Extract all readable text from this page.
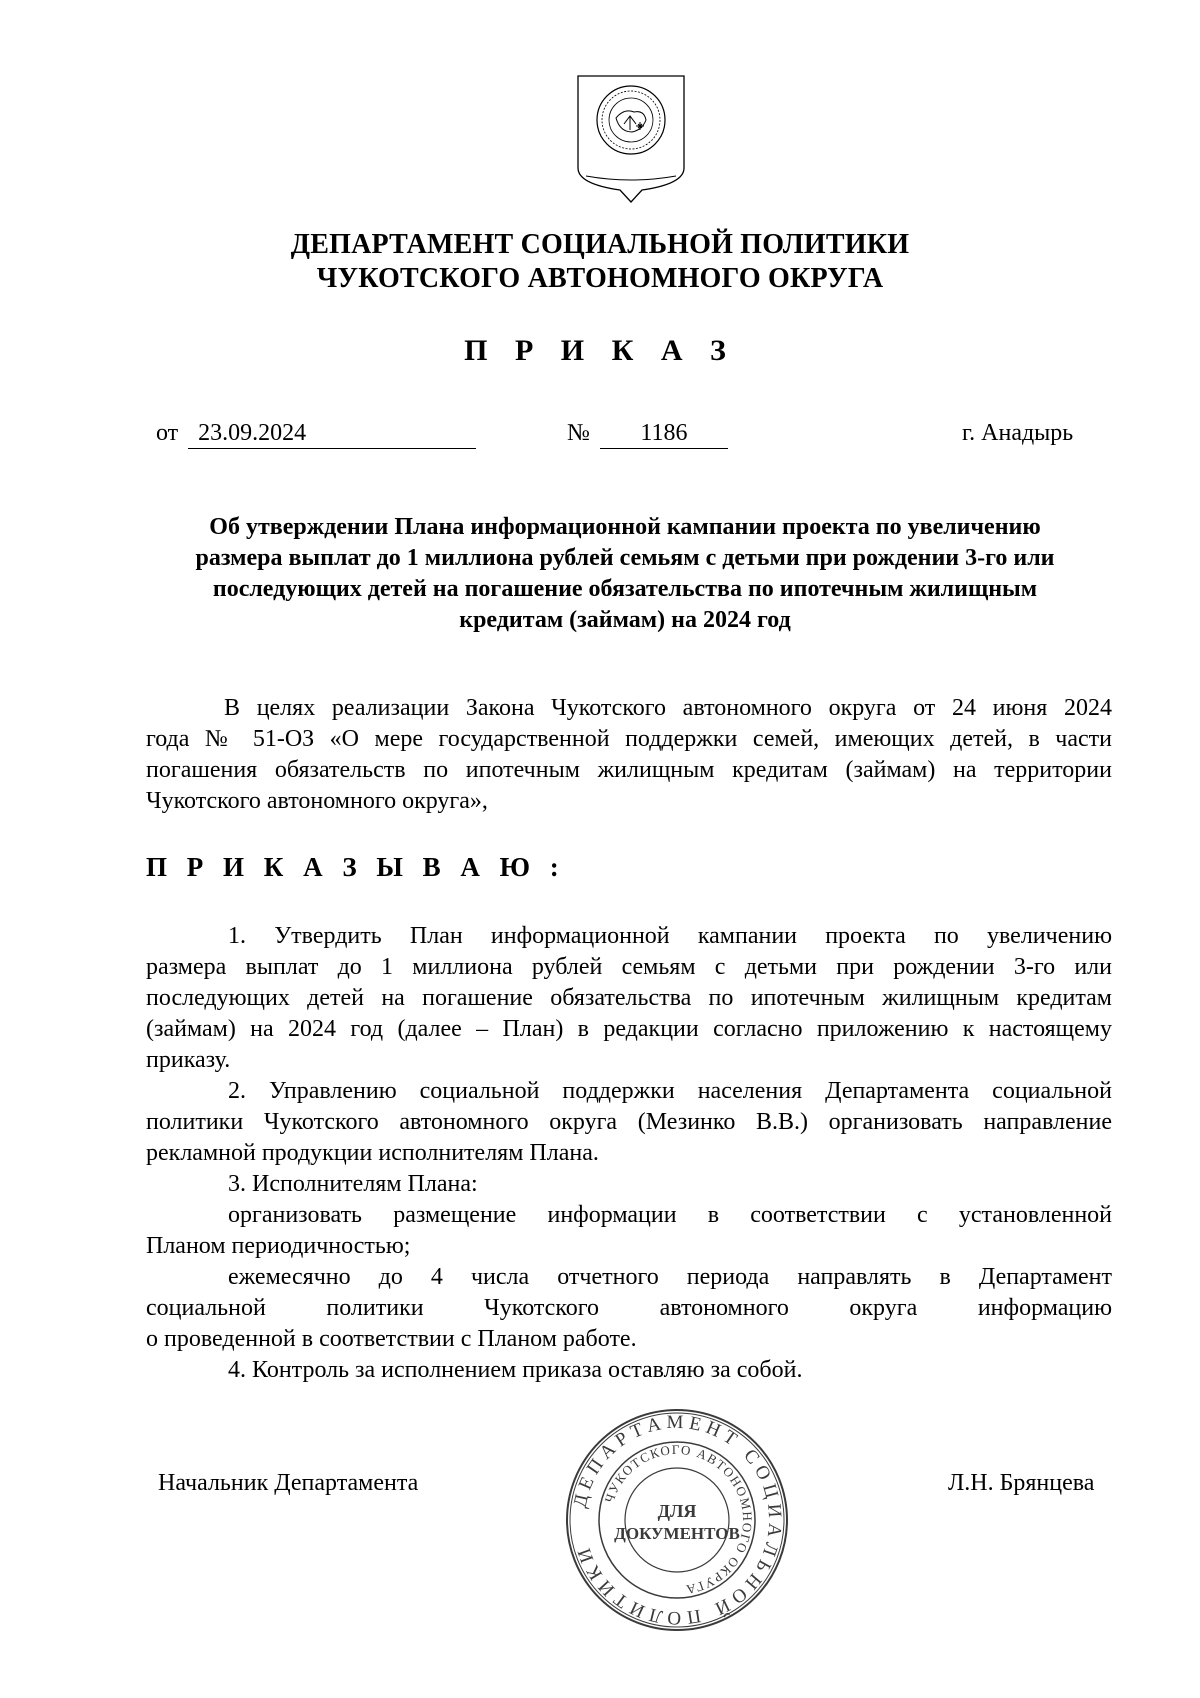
ДЕПАРТАМЕНТ СОЦИАЛЬНОЙ ПОЛИТИКИ
ЧУКОТСКОГО АВТОНОМНОГО ОКРУГА
П Р И К А З
от 23.09.2024	№ 1186	г. Анадырь
Об утверждении Плана информационной кампании проекта по увеличению
размера выплат до 1 миллиона рублей семьям с детьми при рождении 3-го или
последующих детей на погашение обязательства по ипотечным жилищным
кредитам (займам) на 2024 год
В целях реализации Закона Чукотского автономного округа от 24 июня 2024
года № 51-ОЗ «О мере государственной поддержки семей, имеющих детей, в части
погашения обязательств по ипотечным жилищным кредитам (займам) на территории
Чукотского автономного округа»,
П Р И К А З Ы В А Ю :
1. Утвердить План информационной кампании проекта по увеличению
размера выплат до 1 миллиона рублей семьям с детьми при рождении 3-го или
последующих детей на погашение обязательства по ипотечным жилищным кредитам
(займам) на 2024 год (далее – План) в редакции согласно приложению к настоящему
приказу.
2. Управлению социальной поддержки населения Департамента социальной
политики Чукотского автономного округа (Мезинко В.В.) организовать направление
рекламной продукции исполнителям Плана.
3. Исполнителям Плана:
организовать размещение информации в соответствии с установленной
Планом периодичностью;
ежемесячно до 4 числа отчетного периода направлять в Департамент
социальной политики Чукотского автономного округа информацию
о проведенной в соответствии с Планом работе.
4. Контроль за исполнением приказа оставляю за собой.
Начальник Департамента
ДЕПАРТАМЕНТ СОЦИАЛЬНОЙ ПОЛИТИКИ
ЧУКОТСКОГО АВТОНОМНОГО ОКРУГА
ДЛЯ
ДОКУМЕНТОВ
Л.Н. Брянцева
